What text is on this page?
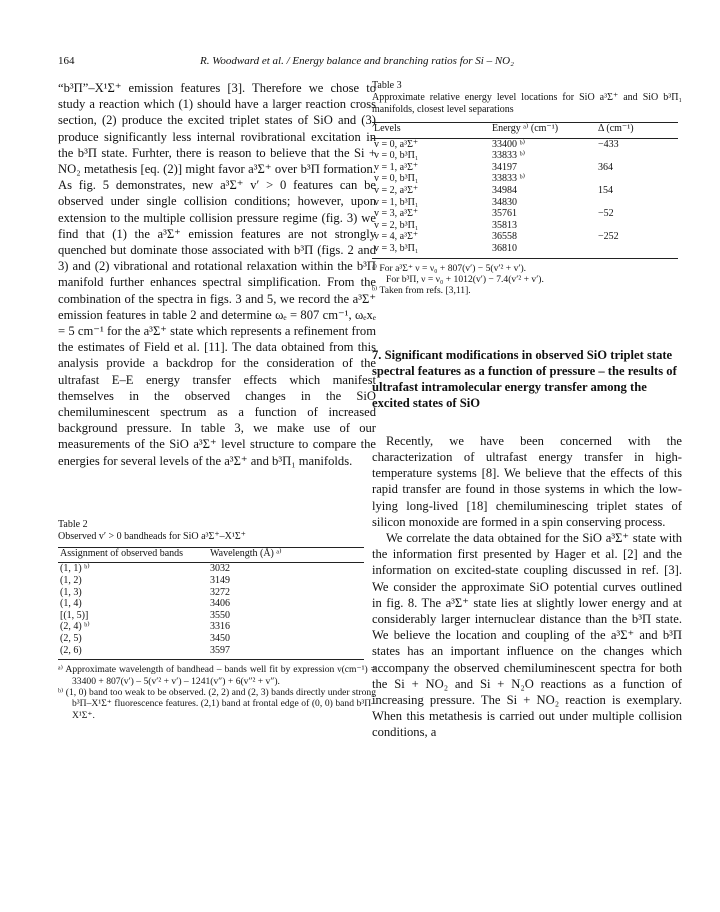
164	R. Woodward et al. / Energy balance and branching ratios for Si – NO₂

“b³Π”–X¹Σ⁺ emission features [3]. Therefore we chose to study a reaction which (1) should have a larger reaction cross section, (2) produce the excited triplet states of SiO and (3) produce significantly less internal rovibrational excitation in the b³Π state. Furhter, there is reason to believe that the Si + NO₂ metathesis [eq. (2)] might favor a³Σ⁺ over b³Π formation. As fig. 5 demonstrates, new a³Σ⁺ v′ > 0 features can be observed under single collision conditions; however, upon extension to the multiple collision pressure regime (fig. 3) we find that (1) the a³Σ⁺ emission features are not strongly quenched but dominate those associated with b³Π (figs. 2 and 3) and (2) vibrational and rotational relaxation within the b³Π manifold further enhances spectral simplification. From the combination of the spectra in figs. 3 and 5, we record the a³Σ⁺ emission features in table 2 and determine ωₑ = 807 cm⁻¹, ωₑxₑ = 5 cm⁻¹ for the a³Σ⁺ state which represents a refinement from the estimates of Field et al. [11]. The data obtained from this analysis provide a backdrop for the consideration of the ultrafast E–E energy transfer effects which manifest themselves in the observed changes in the SiO chemiluminescent spectrum as a function of increased background pressure. In table 3, we make use of our measurements of the SiO a³Σ⁺ level structure to compare the energies for several levels of the a³Σ⁺ and b³Π₁ manifolds.

Table 2
Observed v′ > 0 bandheads for SiO a³Σ⁺–X¹Σ⁺
Assignment of observed bands	Wavelength (Å) ᵃ⁾

(1, 1) ᵇ⁾	3032
(1, 2)	3149
(1, 3)	3272
(1, 4)	3406
[(1, 5)]	3550
(2, 4) ᵇ⁾	3316
(2, 5)	3450
(2, 6)	3597

ᵃ⁾ Approximate wavelength of bandhead – bands well fit by expression ν(cm⁻¹) = 33400 + 807(v′) – 5(v′² + v′) – 1241(v″) + 6(v″² + v″).

ᵇ⁾ (1, 0) band too weak to be observed. (2, 2) and (2, 3) bands directly under strong b³Π–X¹Σ⁺ fluorescence features. (2,1) band at frontal edge of (0, 0) band b³Π–X¹Σ⁺.

Table 3
Approximate relative energy level locations for SiO a³Σ⁺ and SiO b³Π₁ manifolds, closest level separations
Levels	Energy ᵃ⁾ (cm⁻¹)	Δ (cm⁻¹)

v = 0, a³Σ⁺	33400 ᵇ⁾	−433
v = 0, b³Π₁	33833 ᵇ⁾	
v = 1, a³Σ⁺	34197	364
v = 0, b³Π₁	33833 ᵇ⁾	
v = 2, a³Σ⁺	34984	154
v = 1, b³Π₁	34830	
v = 3, a³Σ⁺	35761	−52
v = 2, b³Π₁	35813	
v = 4, a³Σ⁺	36558	−252
v = 3, b³Π₁	36810	

ᵃ⁾ For a³Σ⁺ ν = ν₀ + 807(v′) − 5(v′² + v′).

For b³Π, ν = ν₀ + 1012(v′) − 7.4(v′² + v′).

ᵇ⁾ Taken from refs. [3,11].

7. Significant modifications in observed SiO triplet state spectral features as a function of pressure – the results of ultrafast intramolecular energy transfer among the excited states of SiO

Recently, we have been concerned with the characterization of ultrafast energy transfer in high-temperature systems [8]. We believe that the effects of this rapid transfer are found in those systems in which the low-lying long-lived [18] chemiluminescing triplet states of silicon monoxide are formed in a spin conserving process.

We correlate the data obtained for the SiO a³Σ⁺ state with the information first presented by Hager et al. [2] and the information on excited-state coupling discussed in ref. [3]. We consider the approximate SiO potential curves outlined in fig. 8. The a³Σ⁺ state lies at slightly lower energy and at considerably larger internuclear distance than the b³Π state. We believe the location and coupling of the a³Σ⁺ and b³Π states has an important influence on the changes which accompany the observed chemiluminescent spectra for both the Si + NO₂ and Si + N₂O reactions as a function of increasing pressure. The Si + NO₂ reaction is exemplary. When this metathesis is carried out under multiple collision conditions, a
